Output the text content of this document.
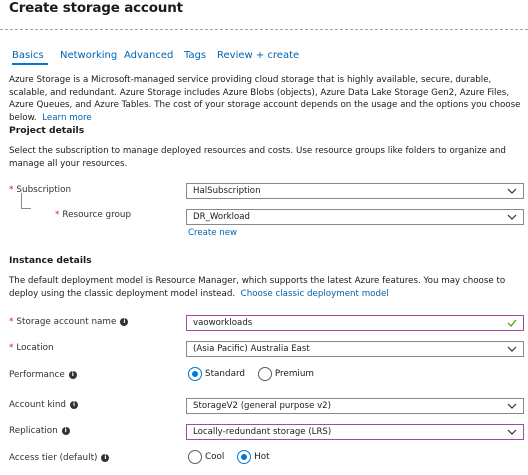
Create storage account
Basics Networking Advanced Tags Review + create
Azure Storage is a Microsoft-managed service providing cloud storage that is highly available, secure, durable, scalable, and redundant. Azure Storage includes Azure Blobs (objects), Azure Data Lake Storage Gen2, Azure Files, Azure Queues, and Azure Tables. The cost of your storage account depends on the usage and the options you choose below. Learn more
Project details
Select the subscription to manage deployed resources and costs. Use resource groups like folders to organize and manage all your resources.
* Subscription	HalSubscription
* Resource group	DR_Workload
Create new
Instance details
The default deployment model is Resource Manager, which supports the latest Azure features. You may choose to deploy using the classic deployment model instead. Choose classic deployment model
* Storage account name i	vaoworkloads
* Location	(Asia Pacific) Australia East
Performance i	Standard	Premium
Account kind i	StorageV2 (general purpose v2)
Replication i	Locally-redundant storage (LRS)
Access tier (default) i	Cool	Hot
